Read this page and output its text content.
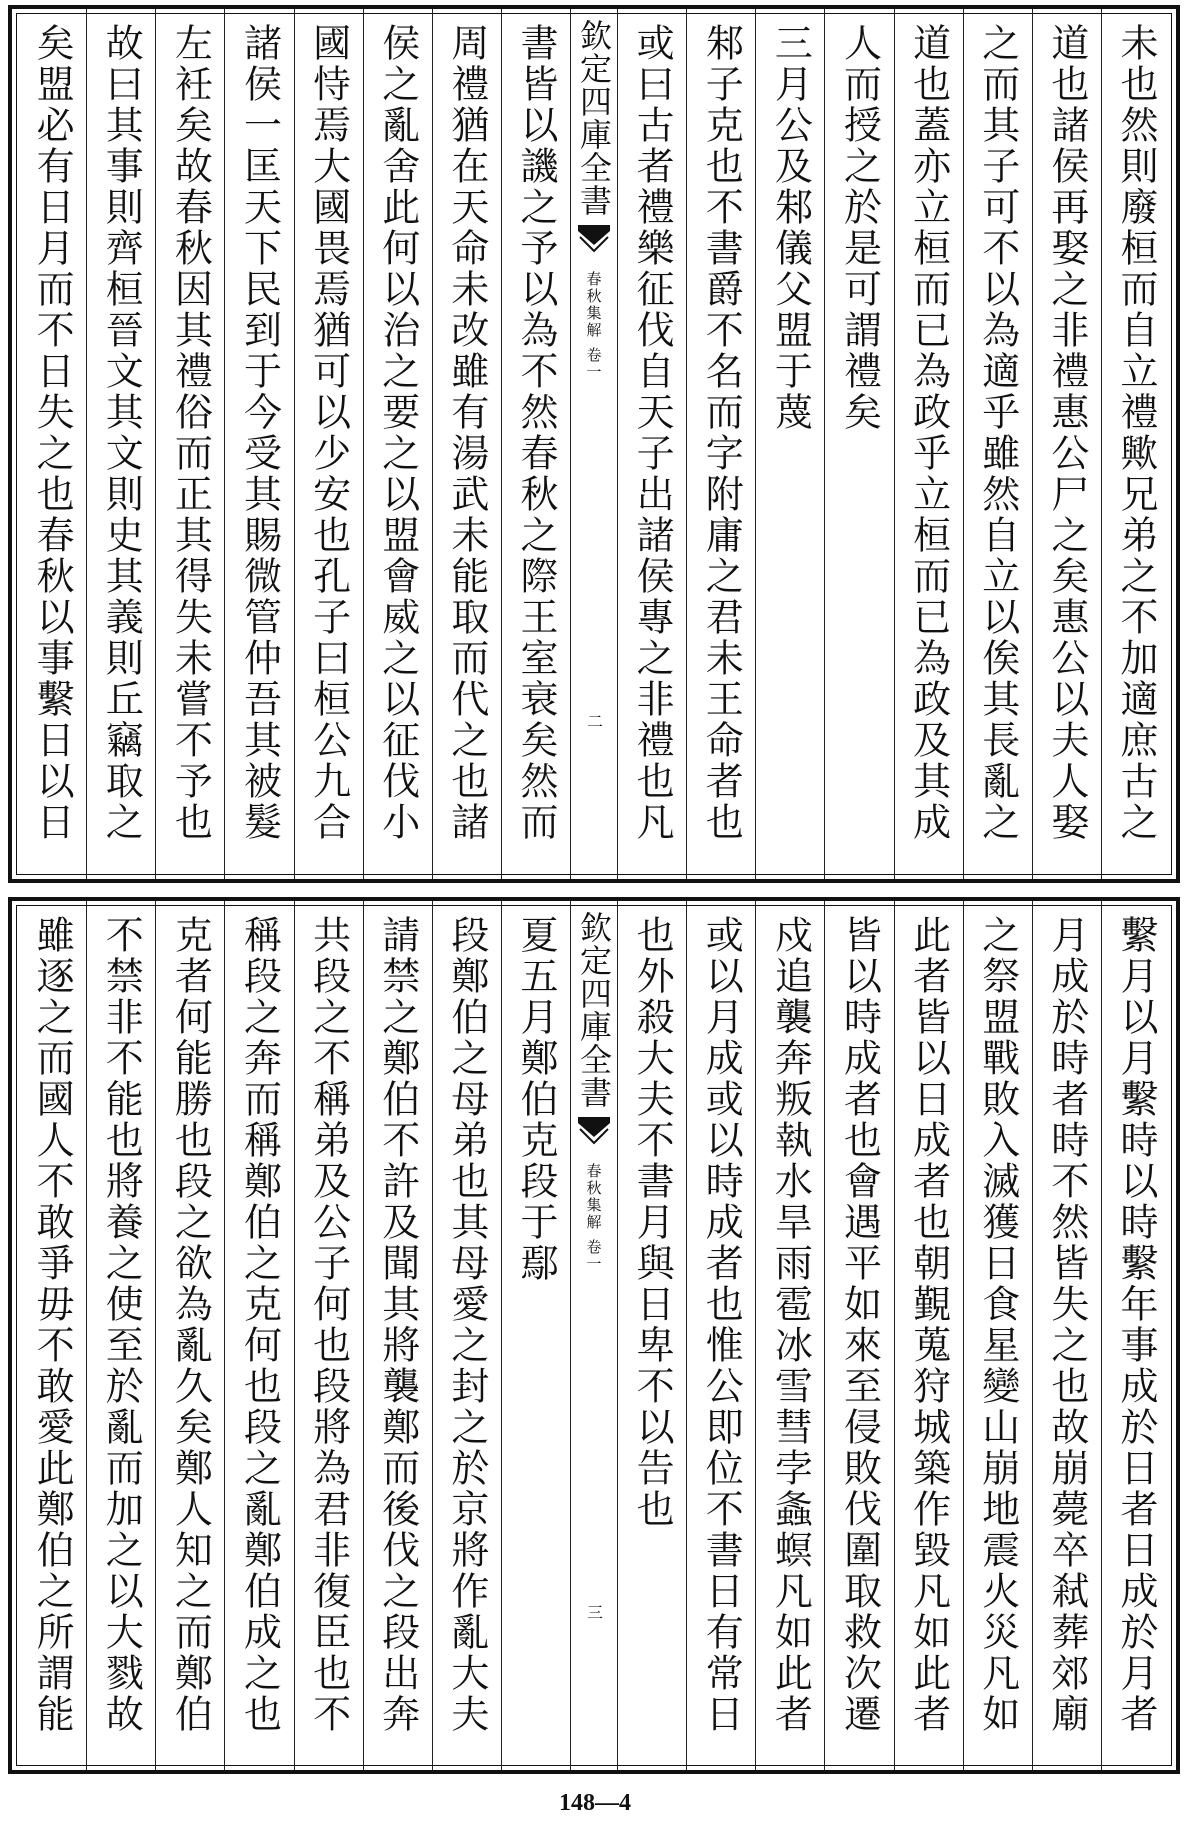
未也然則廢桓而自立禮歟兄弟之不加適庶古之
道也諸侯再娶之非禮惠公尸之矣惠公以夫人娶
之而其子可不以為適乎雖然自立以俟其長亂之
道也蓋亦立桓而已為政乎立桓而已為政及其成
人而授之於是可謂禮矣
三月公及邾儀父盟于蔑
邾子克也不書爵不名而字附庸之君未王命者也
或曰古者禮樂征伐自天子出諸侯專之非禮也凡
欽定四庫全書
春秋集解
卷一
二
書皆以譏之予以為不然春秋之際王室衰矣然而
周禮猶在天命未改雖有湯武未能取而代之也諸
侯之亂舍此何以治之要之以盟會威之以征伐小
國恃焉大國畏焉猶可以少安也孔子曰桓公九合
諸侯一匡天下民到于今受其賜微管仲吾其被髮
左衽矣故春秋因其禮俗而正其得失未嘗不予也
故曰其事則齊桓晉文其文則史其義則丘竊取之
矣盟必有日月而不日失之也春秋以事繫日以日
繫月以月繫時以時繫年事成於日者日成於月者
月成於時者時不然皆失之也故崩薨卒弒葬郊廟
之祭盟戰敗入滅獲日食星變山崩地震火災凡如
此者皆以日成者也朝覲蒐狩城築作毀凡如此者
皆以時成者也會遇平如來至侵敗伐圍取救次遷
戍追襲奔叛執水旱雨雹冰雪彗孛螽螟凡如此者
或以月成或以時成者也惟公即位不書日有常日
也外殺大夫不書月與日卑不以告也
欽定四庫全書
春秋集解
卷一
三
夏五月鄭伯克段于鄢
段鄭伯之母弟也其母愛之封之於京將作亂大夫
請禁之鄭伯不許及聞其將襲鄭而後伐之段出奔
共段之不稱弟及公子何也段將為君非復臣也不
稱段之奔而稱鄭伯之克何也段之亂鄭伯成之也
克者何能勝也段之欲為亂久矣鄭人知之而鄭伯
不禁非不能也將養之使至於亂而加之以大戮故
雖逐之而國人不敢爭毋不敢愛此鄭伯之所謂能
148—4
